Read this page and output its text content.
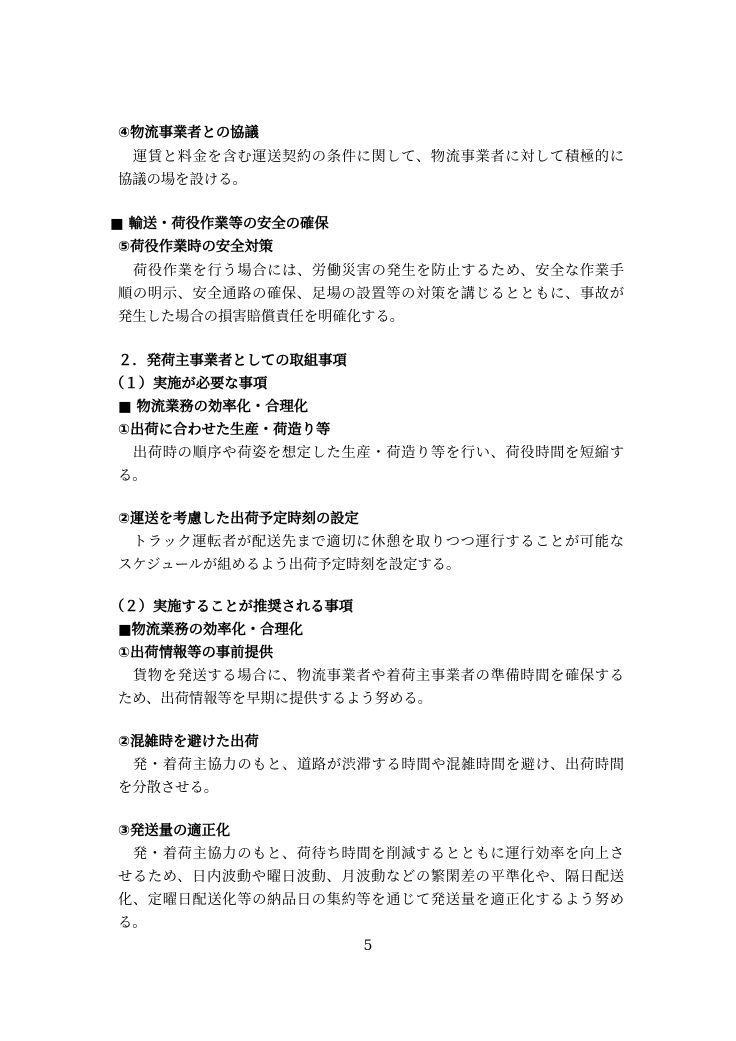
④物流事業者との協議
　運賃と料金を含む運送契約の条件に関して、物流事業者に対して積極的に
協議の場を設ける。
■ 輸送・荷役作業等の安全の確保
⑤荷役作業時の安全対策
　荷役作業を行う場合には、労働災害の発生を防止するため、安全な作業手
順の明示、安全通路の確保、足場の設置等の対策を講じるとともに、事故が
発生した場合の損害賠償責任を明確化する。
２．発荷主事業者としての取組事項
（１）実施が必要な事項
■ 物流業務の効率化・合理化
①出荷に合わせた生産・荷造り等
　出荷時の順序や荷姿を想定した生産・荷造り等を行い、荷役時間を短縮す
る。
②運送を考慮した出荷予定時刻の設定
　トラック運転者が配送先まで適切に休憩を取りつつ運行することが可能な
スケジュールが組めるよう出荷予定時刻を設定する。
（２）実施することが推奨される事項
■物流業務の効率化・合理化
①出荷情報等の事前提供
　貨物を発送する場合に、物流事業者や着荷主事業者の準備時間を確保する
ため、出荷情報等を早期に提供するよう努める。
②混雑時を避けた出荷
　発・着荷主協力のもと、道路が渋滞する時間や混雑時間を避け、出荷時間
を分散させる。
③発送量の適正化
　発・着荷主協力のもと、荷待ち時間を削減するとともに運行効率を向上さ
せるため、日内波動や曜日波動、月波動などの繁閑差の平準化や、隔日配送
化、定曜日配送化等の納品日の集約等を通じて発送量を適正化するよう努め
る。
5
